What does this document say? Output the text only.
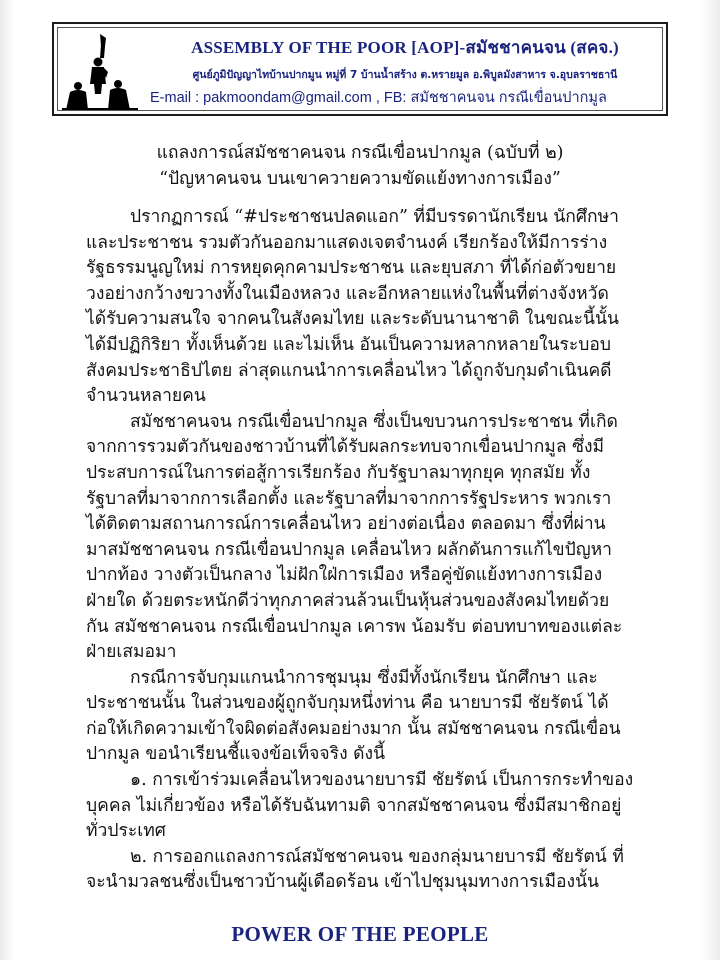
ASSEMBLY OF THE POOR [AOP]-สมัชชาคนจน (สคจ.)
ศูนย์ภูมิปัญญาไทบ้านปากมูน หมู่ที่ 7 บ้านน้ำสร้าง ต.หรายมูล อ.พิบูลมังสาหาร จ.อุบลราชธานี
E-mail : pakmoondam@gmail.com , FB: สมัชชาคนจน กรณีเขื่อนปากมูล
แถลงการณ์สมัชชาคนจน กรณีเขื่อนปากมูล (ฉบับที่ ๒)
“ปัญหาคนจน บนเขาควายความขัดแย้งทางการเมือง”
ปรากฏการณ์ “#ประชาชนปลดแอก” ที่มีบรรดานักเรียน นักศึกษา
และประชาชน รวมตัวกันออกมาแสดงเจตจำนงค์ เรียกร้องให้มีการร่าง
รัฐธรรมนูญใหม่ การหยุดคุกคามประชาชน และยุบสภา ที่ได้ก่อตัวขยาย
วงอย่างกว้างขวางทั้งในเมืองหลวง และอีกหลายแห่งในพื้นที่ต่างจังหวัด
ได้รับความสนใจ จากคนในสังคมไทย และระดับนานาชาติ ในขณะนี้นั้น
ได้มีปฏิกิริยา ทั้งเห็นด้วย และไม่เห็น อันเป็นความหลากหลายในระบอบ
สังคมประชาธิปไตย ล่าสุดแกนนำการเคลื่อนไหว ได้ถูกจับกุมดำเนินคดี
จำนวนหลายคน
สมัชชาคนจน กรณีเขื่อนปากมูล ซึ่งเป็นขบวนการประชาชน ที่เกิด
จากการรวมตัวกันของชาวบ้านที่ได้รับผลกระทบจากเขื่อนปากมูล ซึ่งมี
ประสบการณ์ในการต่อสู้การเรียกร้อง กับรัฐบาลมาทุกยุค ทุกสมัย ทั้ง
รัฐบาลที่มาจากการเลือกตั้ง และรัฐบาลที่มาจากการรัฐประหาร พวกเรา
ได้ติดตามสถานการณ์การเคลื่อนไหว อย่างต่อเนื่อง ตลอดมา ซึ่งที่ผ่าน
มาสมัชชาคนจน กรณีเขื่อนปากมูล เคลื่อนไหว ผลักดันการแก้ไขปัญหา
ปากท้อง วางตัวเป็นกลาง ไม่ฝักใฝ่การเมือง หรือคู่ขัดแย้งทางการเมือง
ฝ่ายใด ด้วยตระหนักดีว่าทุกภาคส่วนล้วนเป็นหุ้นส่วนของสังคมไทยด้วย
กัน สมัชชาคนจน กรณีเขื่อนปากมูล เคารพ น้อมรับ ต่อบทบาทของแต่ละ
ฝ่ายเสมอมา
กรณีการจับกุมแกนนำการชุมนุม ซึ่งมีทั้งนักเรียน นักศึกษา และ
ประชาชนนั้น ในส่วนของผู้ถูกจับกุมหนึ่งท่าน คือ นายบารมี ชัยรัตน์ ได้
ก่อให้เกิดความเข้าใจผิดต่อสังคมอย่างมาก นั้น สมัชชาคนจน กรณีเขื่อน
ปากมูล ขอนำเรียนชี้แจงข้อเท็จจริง ดังนี้
๑. การเข้าร่วมเคลื่อนไหวของนายบารมี ชัยรัตน์ เป็นการกระทำของ
บุคคล ไม่เกี่ยวข้อง หรือได้รับฉันทามติ จากสมัชชาคนจน ซึ่งมีสมาชิกอยู่
ทั่วประเทศ
๒. การออกแถลงการณ์สมัชชาคนจน ของกลุ่มนายบารมี ชัยรัตน์ ที่
จะนำมวลชนซึ่งเป็นชาวบ้านผู้เดือดร้อน เข้าไปชุมนุมทางการเมืองนั้น
POWER OF THE PEOPLE
